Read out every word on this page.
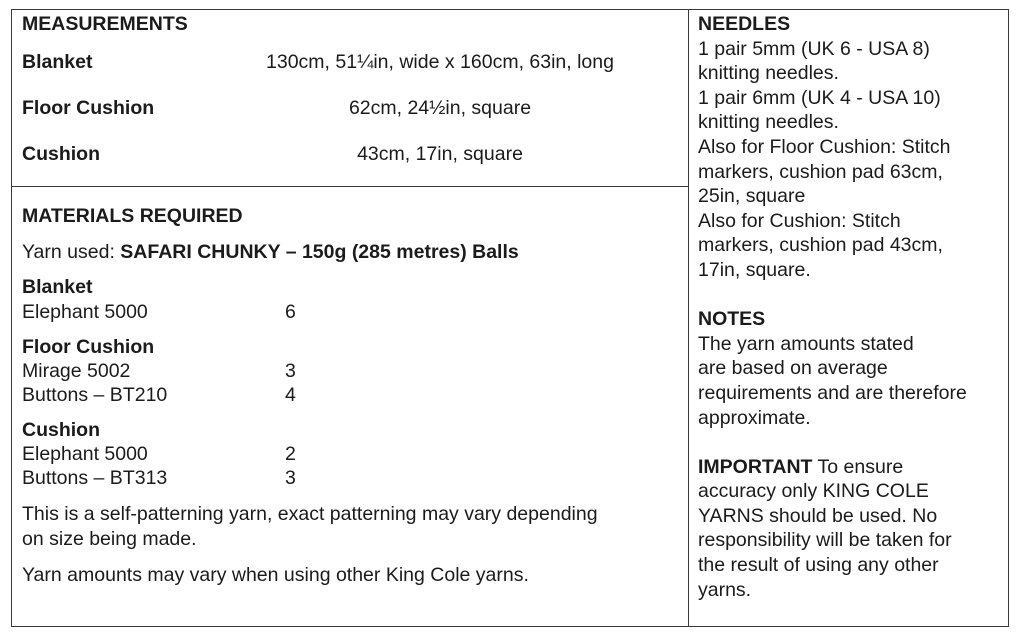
MEASUREMENTS
Blanket	130cm, 51¼in, wide x 160cm, 63in, long
Floor Cushion	62cm, 24½in, square
Cushion	43cm, 17in, square
MATERIALS REQUIRED
Yarn used: SAFARI CHUNKY – 150g (285 metres) Balls
Blanket
Elephant 5000	6
Floor Cushion
Mirage 5002	3
Buttons – BT210	4
Cushion
Elephant 5000	2
Buttons – BT313	3
This is a self-patterning yarn, exact patterning may vary depending
on size being made.
Yarn amounts may vary when using other King Cole yarns.
NEEDLES
1 pair 5mm (UK 6 - USA 8)
knitting needles.
1 pair 6mm (UK 4 - USA 10)
knitting needles.
Also for Floor Cushion: Stitch
markers, cushion pad 63cm,
25in, square
Also for Cushion: Stitch
markers, cushion pad 43cm,
17in, square.
NOTES
The yarn amounts stated
are based on average
requirements and are therefore
approximate.
IMPORTANT To ensure
accuracy only KING COLE
YARNS should be used. No
responsibility will be taken for
the result of using any other
yarns.
